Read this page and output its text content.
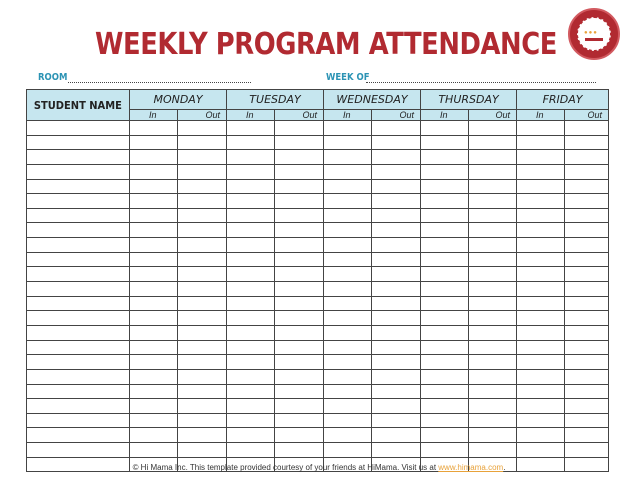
WEEKLY PROGRAM ATTENDANCE	●●●
ROOM	WEEK OF
STUDENT NAME	MONDAY		TUESDAY		WEDNESDAY		THURSDAY		FRIDAY	
	In	Out	In	Out	In	Out	In	Out	In	Out

© Hi Mama Inc. This template provided courtesy of your friends at HiMama. Visit us at www.himama.com.
